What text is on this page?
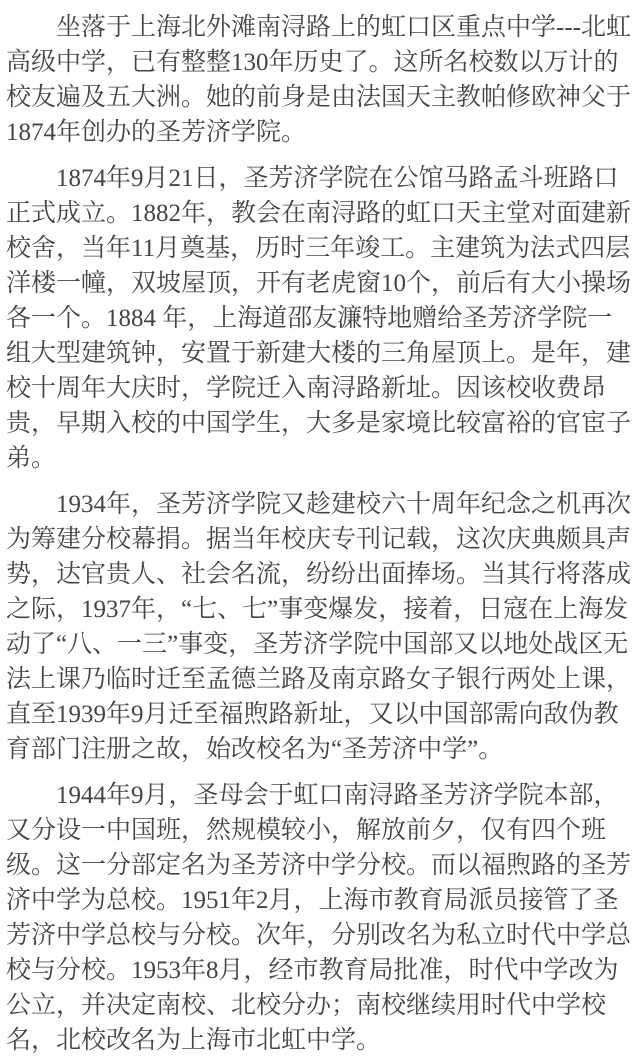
坐落于上海北外滩南浔路上的虹口区重点中学---北虹高级中学，已有整整130年历史了。这所名校数以万计的校友遍及五大洲。她的前身是由法国天主教帕修欧神父于1874年创办的圣芳济学院。

1874年9月21日，圣芳济学院在公馆马路孟斗班路口正式成立。1882年，教会在南浔路的虹口天主堂对面建新校舍，当年11月奠基，历时三年竣工。主建筑为法式四层洋楼一幢，双坡屋顶，开有老虎窗10个，前后有大小操场各一个。1884 年，上海道邵友濂特地赠给圣芳济学院一组大型建筑钟，安置于新建大楼的三角屋顶上。是年，建校十周年大庆时，学院迁入南浔路新址。因该校收费昂贵，早期入校的中国学生，大多是家境比较富裕的官宦子弟。

1934年，圣芳济学院又趁建校六十周年纪念之机再次为筹建分校幕捐。据当年校庆专刊记载，这次庆典颇具声势，达官贵人、社会名流，纷纷出面捧场。当其行将落成之际，1937年，“七、七”事变爆发，接着，日寇在上海发动了“八、一三”事变，圣芳济学院中国部又以地处战区无法上课乃临时迁至孟德兰路及南京路女子银行两处上课，直至1939年9月迁至福煦路新址，又以中国部需向敌伪教育部门注册之故，始改校名为“圣芳济中学”。

1944年9月，圣母会于虹口南浔路圣芳济学院本部，又分设一中国班，然规模较小，解放前夕，仅有四个班级。这一分部定名为圣芳济中学分校。而以福煦路的圣芳济中学为总校。1951年2月，上海市教育局派员接管了圣芳济中学总校与分校。次年，分别改名为私立时代中学总校与分校。1953年8月，经市教育局批准，时代中学改为公立，并决定南校、北校分办；南校继续用时代中学校名，北校改名为上海市北虹中学。
